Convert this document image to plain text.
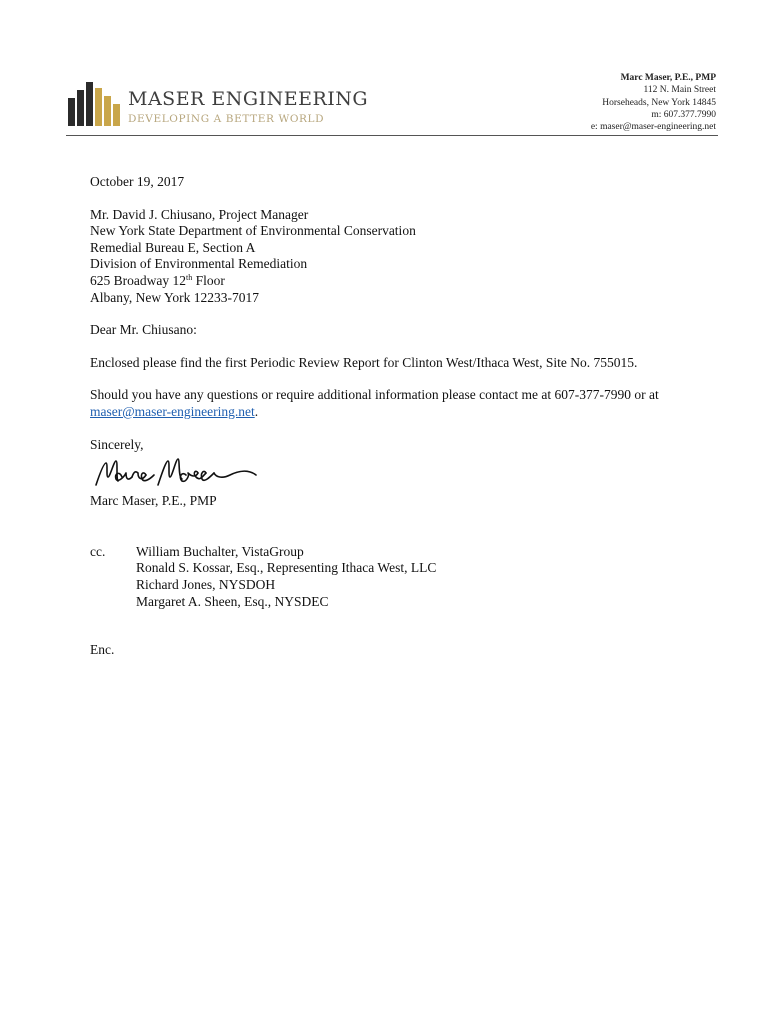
MASER ENGINEERING
DEVELOPING A BETTER WORLD
Marc Maser, P.E., PMP
112 N. Main Street
Horseheads, New York 14845
m: 607.377.7990
e: maser@maser-engineering.net

October 19, 2017

Mr. David J. Chiusano, Project Manager

New York State Department of Environmental Conservation

Remedial Bureau E, Section A

Division of Environmental Remediation

625 Broadway 12th Floor

Albany, New York 12233-7017

Dear Mr. Chiusano:

Enclosed please find the first Periodic Review Report for Clinton West/Ithaca West, Site No. 755015.

Should you have any questions or require additional information please contact me at 607-377-7990 or at
maser@maser-engineering.net.

Sincerely,

Marc Maser, P.E., PMP

cc.	William Buchalter, VistaGroup
Ronald S. Kossar, Esq., Representing Ithaca West, LLC
Richard Jones, NYSDOH
Margaret A. Sheen, Esq., NYSDEC

Enc.
